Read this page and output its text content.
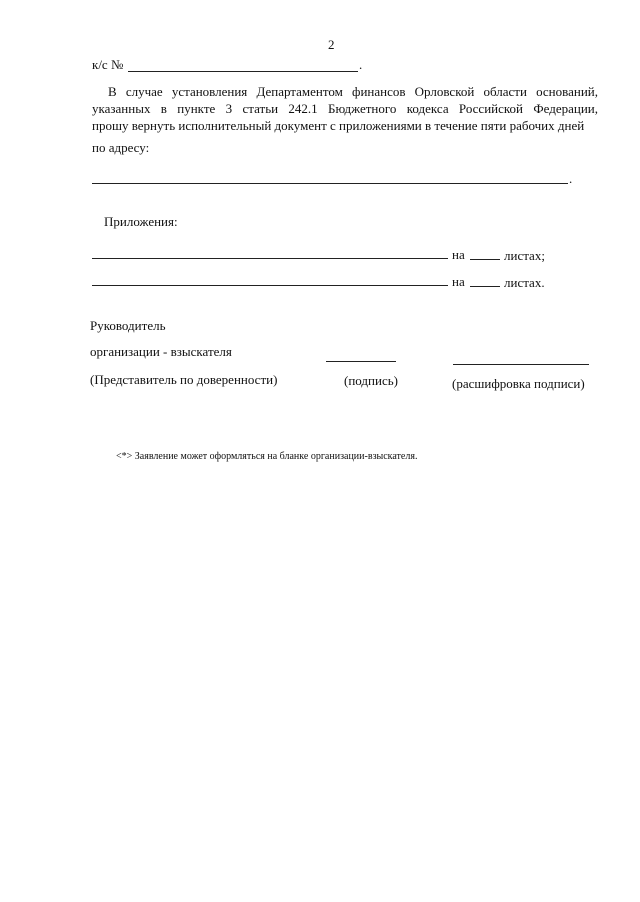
2
к/с №	.
В случае установления Департаментом финансов Орловской области оснований,
указанных в пункте 3 статьи 242.1 Бюджетного кодекса Российской Федерации,
прошу вернуть исполнительный документ с приложениями в течение пяти рабочих дней
по адресу:
.
Приложения:
на	листах;
на	листах.
Руководитель
организации - взыскателя
(Представитель по доверенности)	(подпись)	(расшифровка подписи)
<*> Заявление может оформляться на бланке организации-взыскателя.
